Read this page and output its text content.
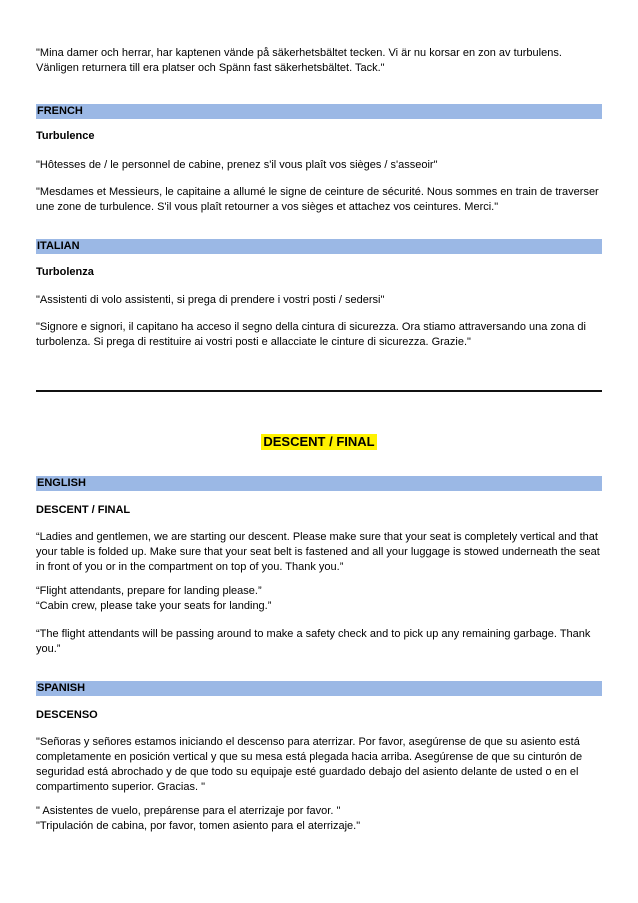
"Mina damer och herrar, har kaptenen vände på säkerhetsbältet tecken. Vi är nu korsar en zon av turbulens. Vänligen returnera till era platser och Spänn fast säkerhetsbältet. Tack."
FRENCH
Turbulence
"Hôtesses de / le personnel de cabine, prenez s'il vous plaît vos sièges / s'asseoir"
"Mesdames et Messieurs, le capitaine a allumé le signe de ceinture de sécurité. Nous sommes en train de traverser une zone de turbulence. S'il vous plaît retourner a vos sièges et attachez vos ceintures. Merci."
ITALIAN
Turbolenza
"Assistenti di volo assistenti, si prega di prendere i vostri posti / sedersi"
"Signore e signori, il capitano ha acceso il segno della cintura di sicurezza. Ora stiamo attraversando una zona di turbolenza. Si prega di restituire ai vostri posti e allacciate le cinture di sicurezza. Grazie."
DESCENT / FINAL
ENGLISH
DESCENT / FINAL
“Ladies and gentlemen, we are starting our descent. Please make sure that your seat is completely vertical and that your table is folded up. Make sure that your seat belt is fastened and all your luggage is stowed underneath the seat in front of you or in the compartment on top of you. Thank you.”
“Flight attendants, prepare for landing please.”
“Cabin crew, please take your seats for landing.”
“The flight attendants will be passing around to make a safety check and to pick up any remaining garbage. Thank you.”
SPANISH
DESCENSO
"Señoras y señores estamos iniciando el descenso para aterrizar. Por favor, asegúrense de que su asiento está completamente en posición vertical y que su mesa está plegada hacia arriba. Asegúrense de que su cinturón de seguridad está abrochado y de que todo su equipaje esté guardado debajo del asiento delante de usted o en el compartimento superior. Gracias. "
" Asistentes de vuelo, prepárense para el aterrizaje por favor. "
"Tripulación de cabina, por favor, tomen asiento para el aterrizaje."
